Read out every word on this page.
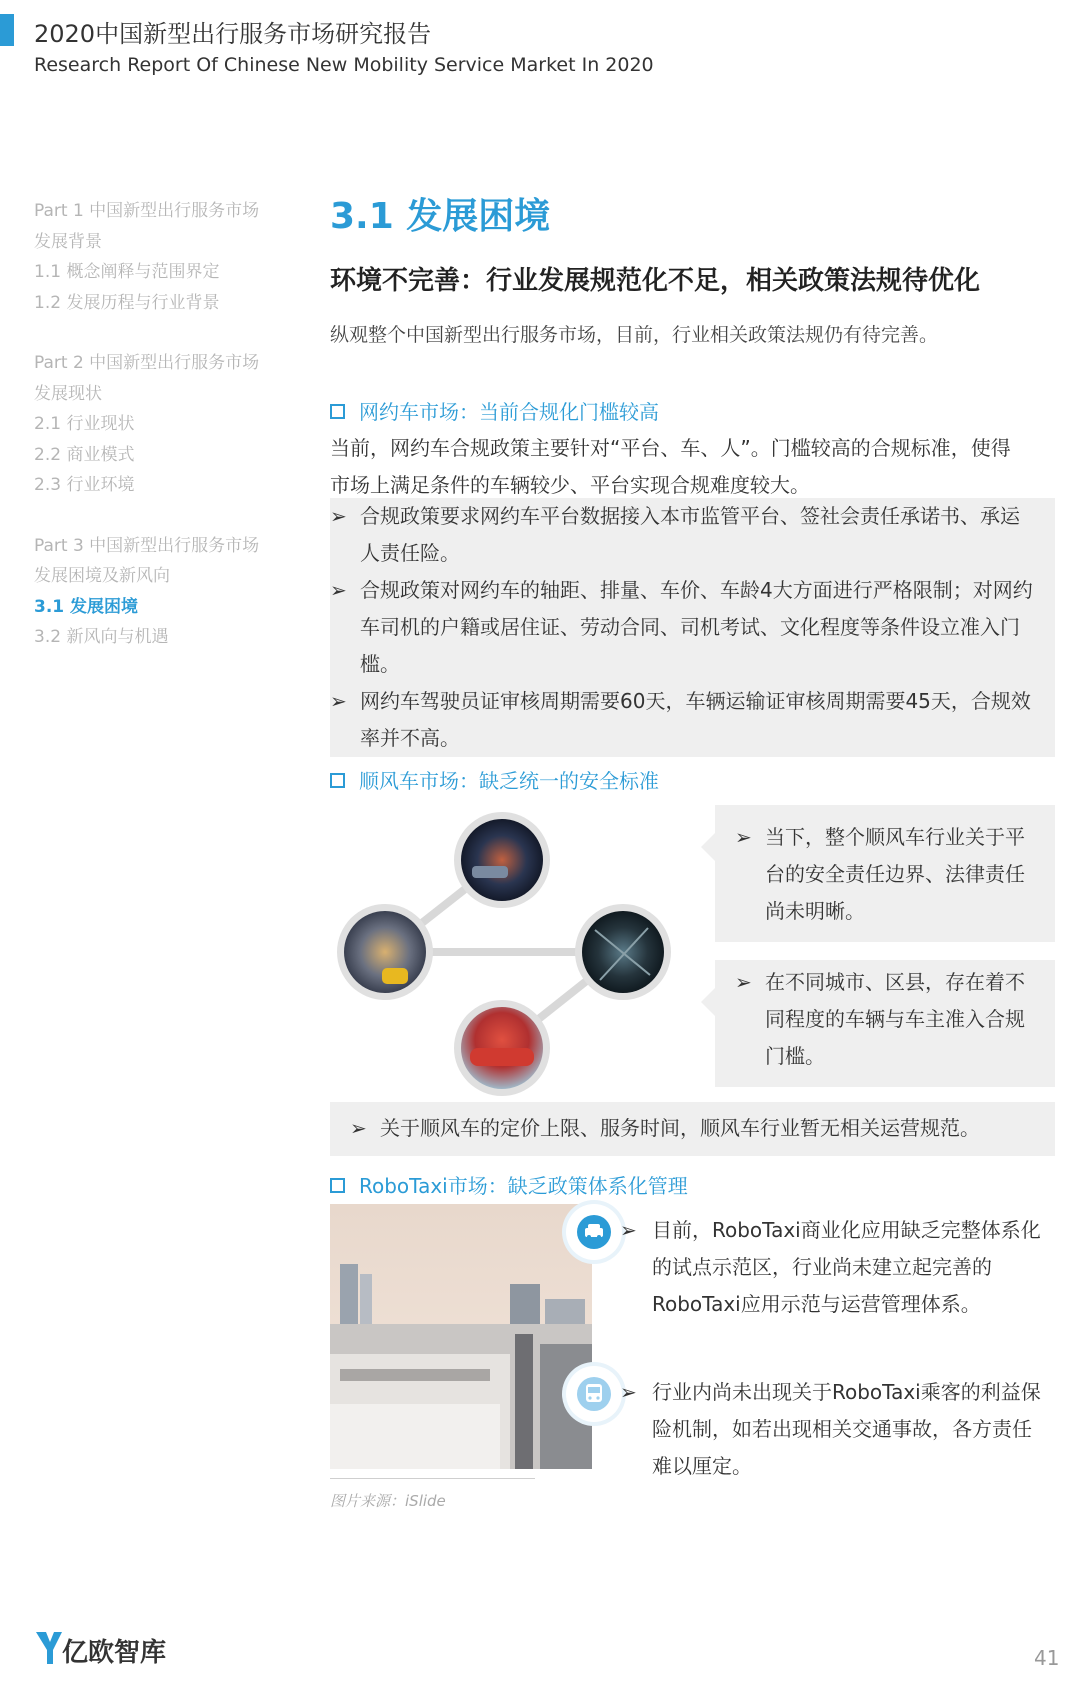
2020中国新型出行服务市场研究报告
Research Report Of Chinese New Mobility Service Market In 2020
Part 1 中国新型出行服务市场
发展背景
1.1 概念阐释与范围界定
1.2 发展历程与行业背景
Part 2 中国新型出行服务市场
发展现状
2.1 行业现状
2.2 商业模式
2.3 行业环境
Part 3 中国新型出行服务市场
发展困境及新风向
3.1 发展困境
3.2 新风向与机遇
3.1 发展困境
环境不完善：行业发展规范化不足，相关政策法规待优化
纵观整个中国新型出行服务市场，目前，行业相关政策法规仍有待完善。
网约车市场：当前合规化门槛较高
当前，网约车合规政策主要针对“平台、车、人”。门槛较高的合规标准，使得
市场上满足条件的车辆较少、平台实现合规难度较大。
➢ 合规政策要求网约车平台数据接入本市监管平台、签社会责任承诺书、承运
人责任险。
➢ 合规政策对网约车的轴距、排量、车价、车龄4大方面进行严格限制；对网约
车司机的户籍或居住证、劳动合同、司机考试、文化程度等条件设立准入门
槛。
➢ 网约车驾驶员证审核周期需要60天，车辆运输证审核周期需要45天，合规效
率并不高。
顺风车市场：缺乏统一的安全标准
➢ 当下，整个顺风车行业关于平
台的安全责任边界、法律责任
尚未明晰。
➢ 在不同城市、区县，存在着不
同程度的车辆与车主准入合规
门槛。
➢ 关于顺风车的定价上限、服务时间，顺风车行业暂无相关运营规范。
RoboTaxi市场：缺乏政策体系化管理
图片来源：iSlide
➢ 目前，RoboTaxi商业化应用缺乏完整体系化
的试点示范区，行业尚未建立起完善的
RoboTaxi应用示范与运营管理体系。
➢ 行业内尚未出现关于RoboTaxi乘客的利益保
险机制，如若出现相关交通事故，各方责任
难以厘定。
亿欧智库	41
